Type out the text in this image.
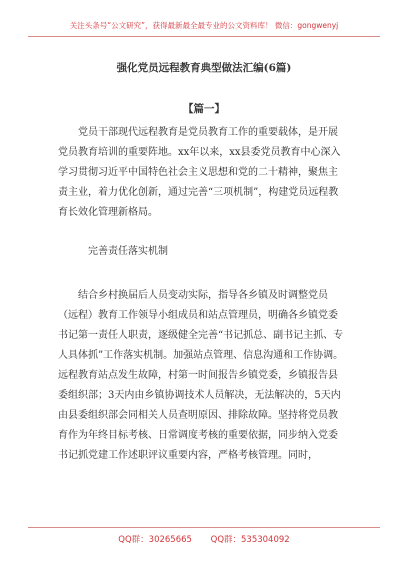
关注头条号“公文研究”，获得最新最全最专业的公文资料库！ 微信：gongwenyj
强化党员远程教育典型做法汇编(6篇)
【篇一】

党员干部现代远程教育是党员教育工作的重要载体，是开展党员教育培训的重要阵地。xx年以来，xx县委党员教育中心深入学习贯彻习近平中国特色社会主义思想和党的二十精神，聚焦主责主业，着力优化创新，通过完善“三项机制”，构建党员远程教育长效化管理新格局。

完善责任落实机制

结合乡村换届后人员变动实际，指导各乡镇及时调整党员（远程）教育工作领导小组成员和站点管理员，明确各乡镇党委书记第一责任人职责，逐级健全完善“书记抓总、副书记主抓、专人具体抓”工作落实机制。加强站点管理、信息沟通和工作协调。远程教育站点发生故障，村第一时间报告乡镇党委，乡镇报告县委组织部；3天内由乡镇协调技术人员解决，无法解决的，5天内由县委组织部会同相关人员查明原因、排除故障。坚持将党员教育作为年终目标考核、日常调度考核的重要依据，同步纳入党委书记抓党建工作述职评议重要内容，严格考核管理。同时，

QQ群：30265665 QQ群：535304092
